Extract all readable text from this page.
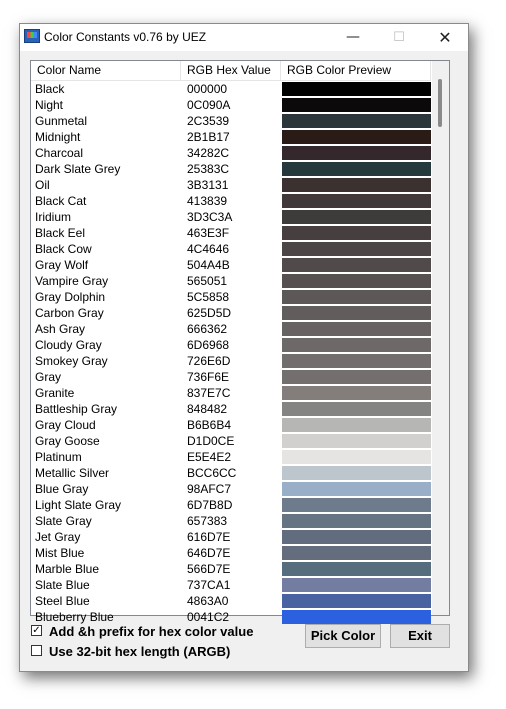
Color Constants v0.76 by UEZ	—	☐	✕
Color Name	RGB Hex Value	RGB Color Preview
Black	000000
Night	0C090A
Gunmetal	2C3539
Midnight	2B1B17
Charcoal	34282C
Dark Slate Grey	25383C
Oil	3B3131
Black Cat	413839
Iridium	3D3C3A
Black Eel	463E3F
Black Cow	4C4646
Gray Wolf	504A4B
Vampire Gray	565051
Gray Dolphin	5C5858
Carbon Gray	625D5D
Ash Gray	666362
Cloudy Gray	6D6968
Smokey Gray	726E6D
Gray	736F6E
Granite	837E7C
Battleship Gray	848482
Gray Cloud	B6B6B4
Gray Goose	D1D0CE
Platinum	E5E4E2
Metallic Silver	BCC6CC
Blue Gray	98AFC7
Light Slate Gray	6D7B8D
Slate Gray	657383
Jet Gray	616D7E
Mist Blue	646D7E
Marble Blue	566D7E
Slate Blue	737CA1
Steel Blue	4863A0
Blueberry Blue	0041C2
✓ Add &h prefix for hex color value
Use 32-bit hex length (ARGB)
Pick Color	Exit
